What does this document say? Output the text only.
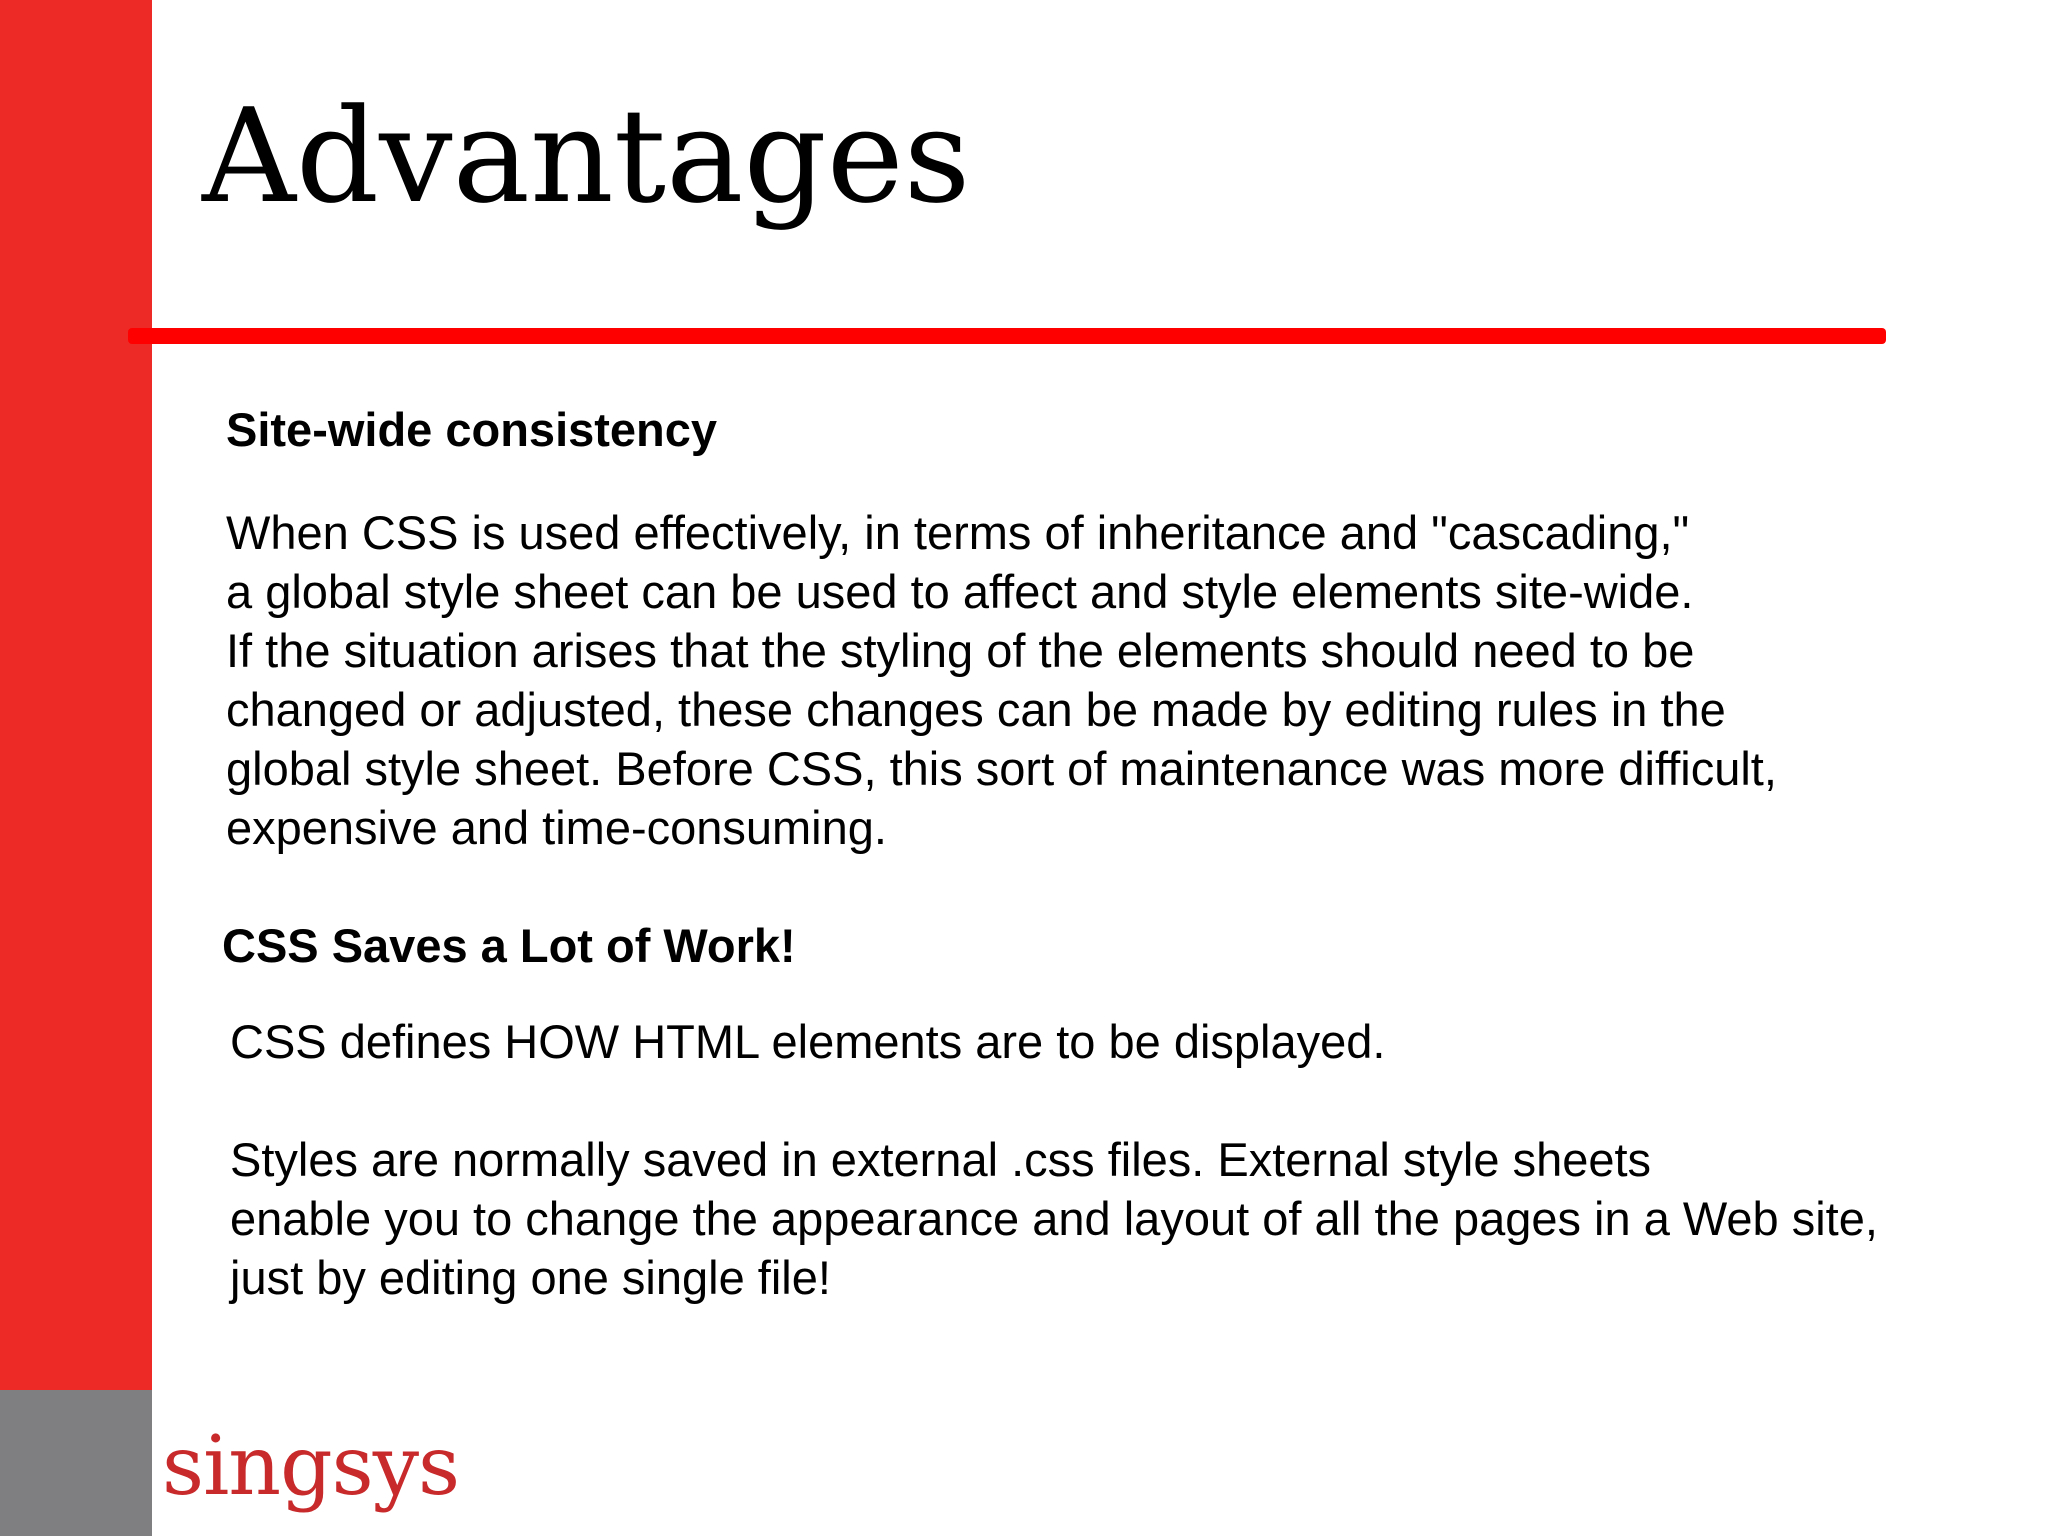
Advantages
Site-wide consistency

When CSS is used effectively, in terms of inheritance and "cascading,"
a global style sheet can be used to affect and style elements site-wide.
If the situation arises that the styling of the elements should need to be
changed or adjusted, these changes can be made by editing rules in the
global style sheet. Before CSS, this sort of maintenance was more difficult,
expensive and time-consuming.

CSS Saves a Lot of Work!

CSS defines HOW HTML elements are to be displayed.

Styles are normally saved in external .css files. External style sheets
enable you to change the appearance and layout of all the pages in a Web site,
just by editing one single file!

singsys
